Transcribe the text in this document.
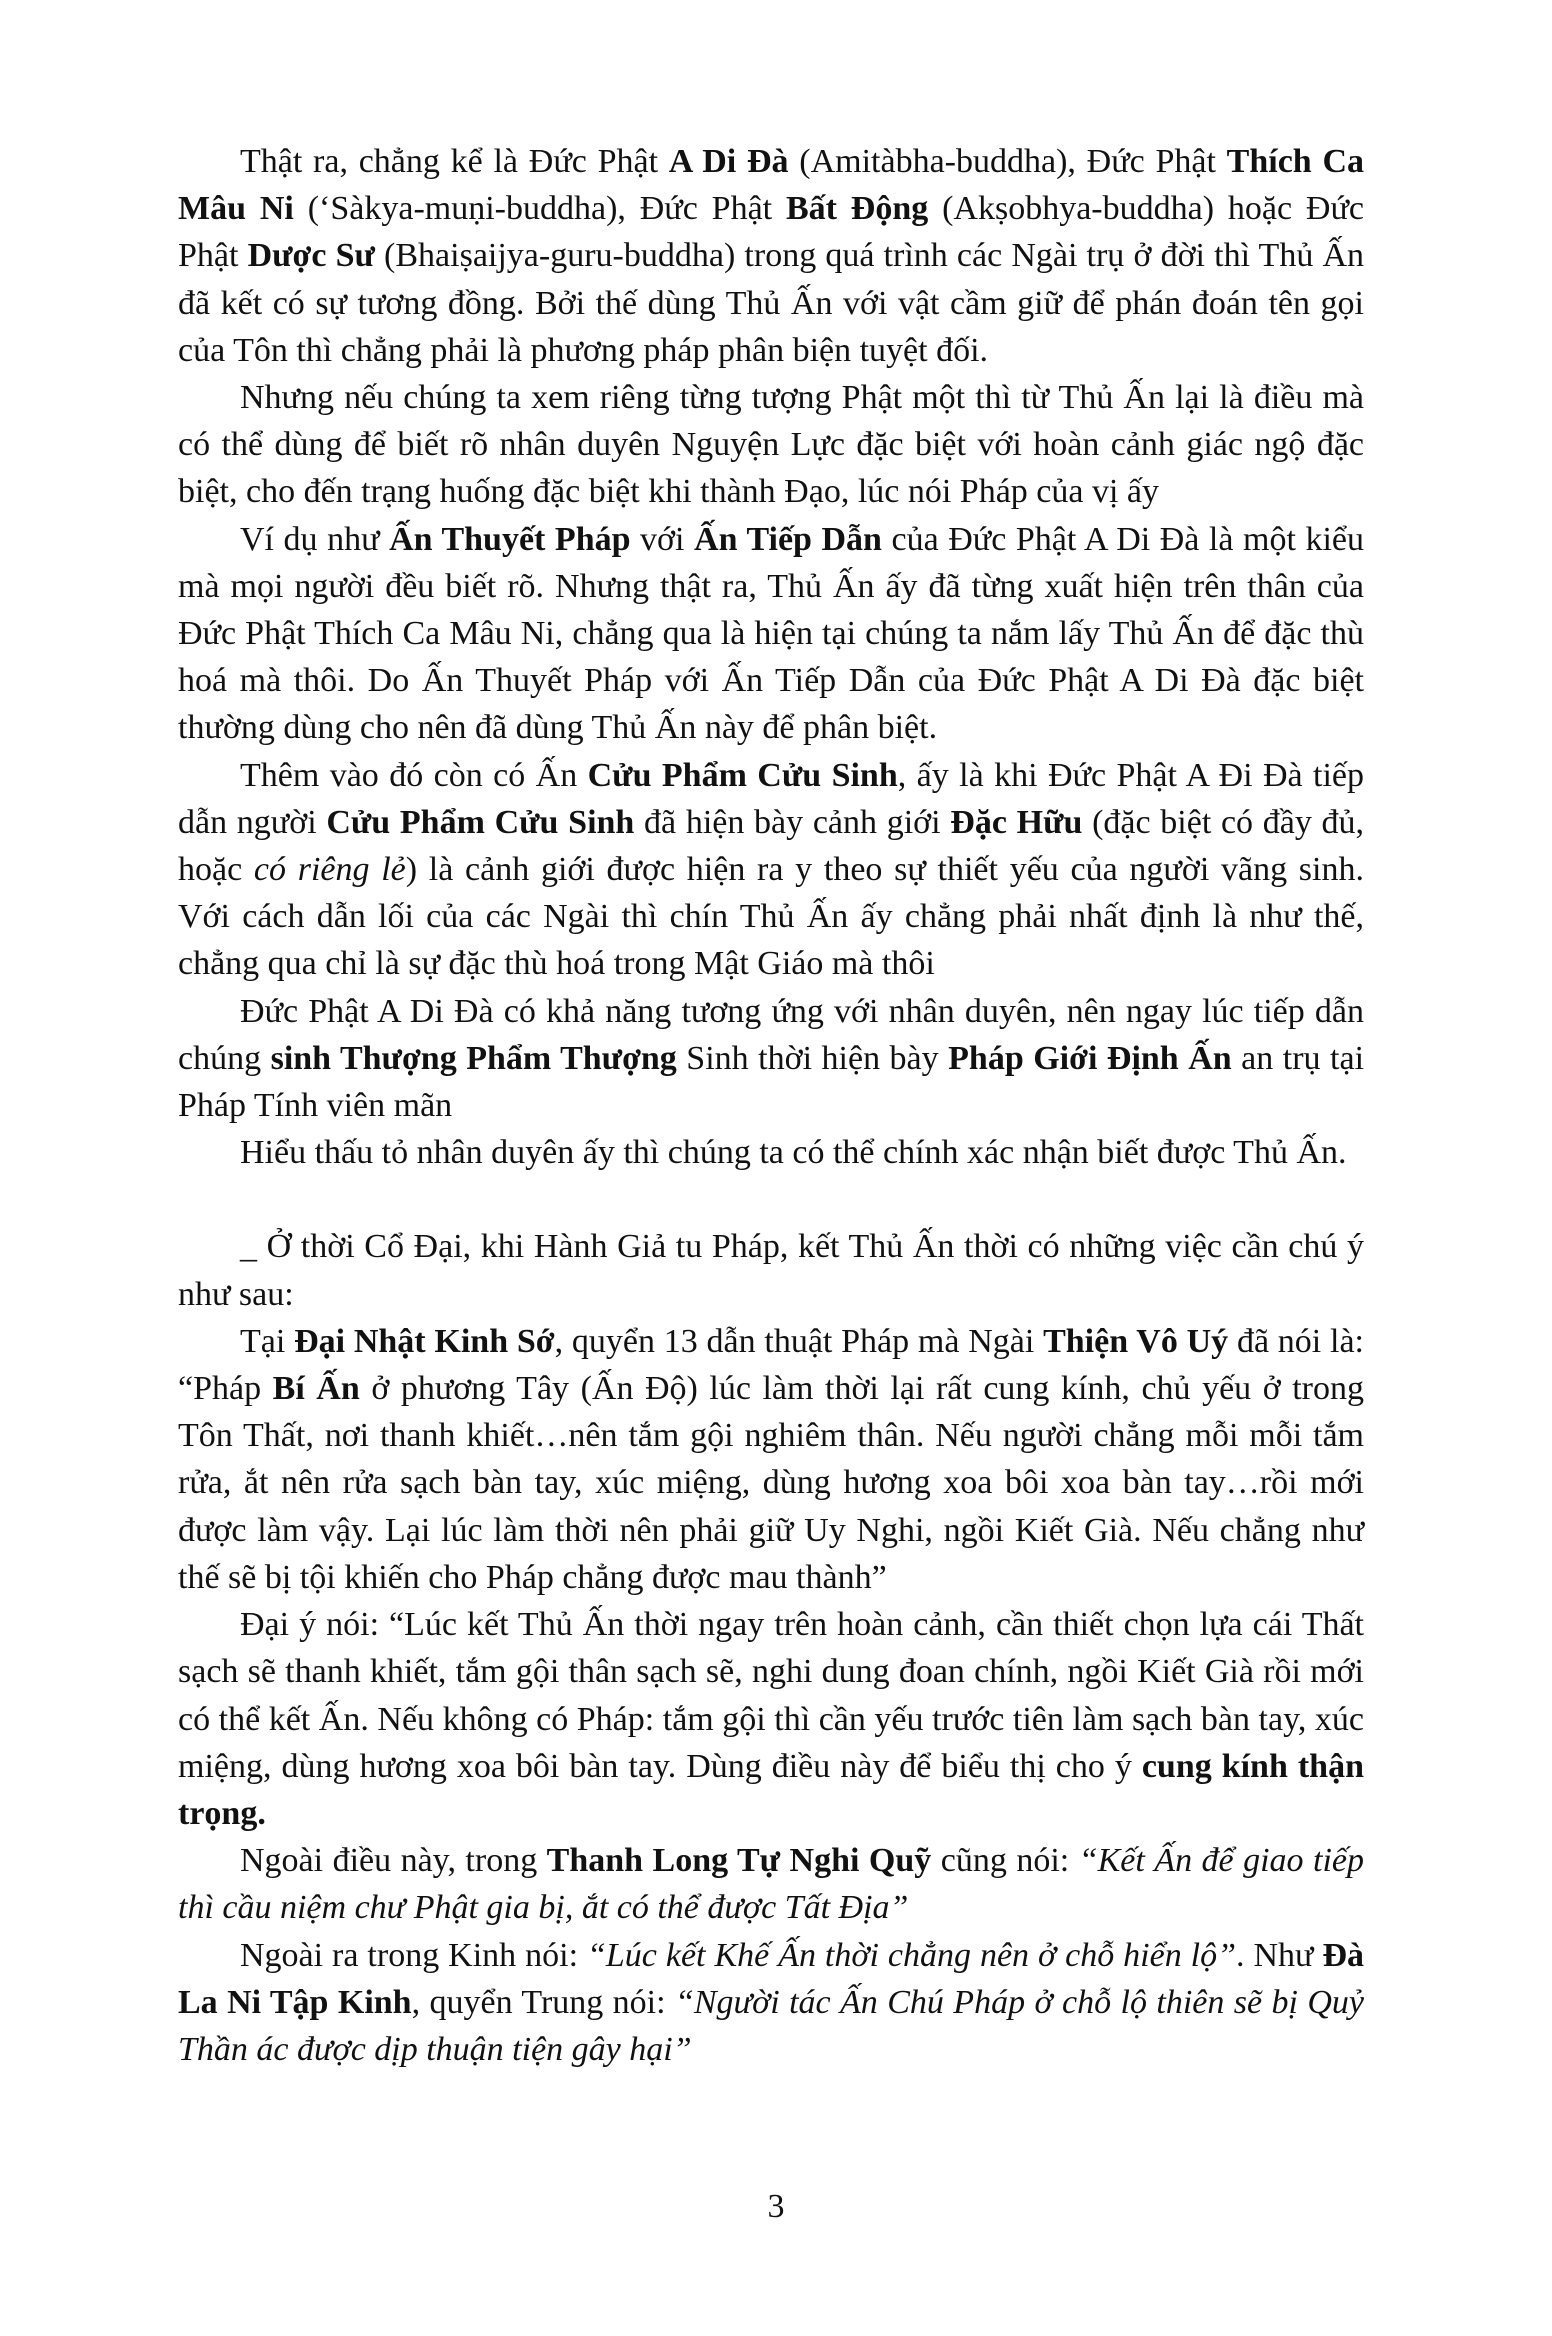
Thật ra, chẳng kể là Đức Phật A Di Đà (Amitàbha-buddha), Đức Phật Thích Ca Mâu Ni (‘Sàkya-muṇi-buddha), Đức Phật Bất Động (Akṣobhya-buddha) hoặc Đức Phật Dược Sư (Bhaiṣaijya-guru-buddha) trong quá trình các Ngài trụ ở đời thì Thủ Ấn đã kết có sự tương đồng. Bởi thế dùng Thủ Ấn với vật cầm giữ để phán đoán tên gọi của Tôn thì chẳng phải là phương pháp phân biện tuyệt đối.

Nhưng nếu chúng ta xem riêng từng tượng Phật một thì từ Thủ Ấn lại là điều mà có thể dùng để biết rõ nhân duyên Nguyện Lực đặc biệt với hoàn cảnh giác ngộ đặc biệt, cho đến trạng huống đặc biệt khi thành Đạo, lúc nói Pháp của vị ấy

Ví dụ như Ấn Thuyết Pháp với Ấn Tiếp Dẫn của Đức Phật A Di Đà là một kiểu mà mọi người đều biết rõ. Nhưng thật ra, Thủ Ấn ấy đã từng xuất hiện trên thân của Đức Phật Thích Ca Mâu Ni, chẳng qua là hiện tại chúng ta nắm lấy Thủ Ấn để đặc thù hoá mà thôi. Do Ấn Thuyết Pháp với Ấn Tiếp Dẫn của Đức Phật A Di Đà đặc biệt thường dùng cho nên đã dùng Thủ Ấn này để phân biệt.

Thêm vào đó còn có Ấn Cửu Phẩm Cửu Sinh, ấy là khi Đức Phật A Đi Đà tiếp dẫn người Cửu Phẩm Cửu Sinh đã hiện bày cảnh giới Đặc Hữu (đặc biệt có đầy đủ, hoặc có riêng lẻ) là cảnh giới được hiện ra y theo sự thiết yếu của người vãng sinh. Với cách dẫn lối của các Ngài thì chín Thủ Ấn ấy chẳng phải nhất định là như thế, chẳng qua chỉ là sự đặc thù hoá trong Mật Giáo mà thôi

Đức Phật A Di Đà có khả năng tương ứng với nhân duyên, nên ngay lúc tiếp dẫn chúng sinh Thượng Phẩm Thượng Sinh thời hiện bày Pháp Giới Định Ấn an trụ tại Pháp Tính viên mãn

Hiểu thấu tỏ nhân duyên ấy thì chúng ta có thể chính xác nhận biết được Thủ Ấn.

_ Ở thời Cổ Đại, khi Hành Giả tu Pháp, kết Thủ Ấn thời có những việc cần chú ý như sau:

Tại Đại Nhật Kinh Sớ, quyển 13 dẫn thuật Pháp mà Ngài Thiện Vô Uý đã nói là: “Pháp Bí Ấn ở phương Tây (Ấn Độ) lúc làm thời lại rất cung kính, chủ yếu ở trong Tôn Thất, nơi thanh khiết…nên tắm gội nghiêm thân. Nếu người chẳng mỗi mỗi tắm rửa, ắt nên rửa sạch bàn tay, xúc miệng, dùng hương xoa bôi xoa bàn tay…rồi mới được làm vậy. Lại lúc làm thời nên phải giữ Uy Nghi, ngồi Kiết Già. Nếu chẳng như thế sẽ bị tội khiến cho Pháp chẳng được mau thành”

Đại ý nói: “Lúc kết Thủ Ấn thời ngay trên hoàn cảnh, cần thiết chọn lựa cái Thất sạch sẽ thanh khiết, tắm gội thân sạch sẽ, nghi dung đoan chính, ngồi Kiết Già rồi mới có thể kết Ấn. Nếu không có Pháp: tắm gội thì cần yếu trước tiên làm sạch bàn tay, xúc miệng, dùng hương xoa bôi bàn tay. Dùng điều này để biểu thị cho ý cung kính thận trọng.

Ngoài điều này, trong Thanh Long Tự Nghi Quỹ cũng nói: “Kết Ấn để giao tiếp thì cầu niệm chư Phật gia bị, ắt có thể được Tất Địa”

Ngoài ra trong Kinh nói: “Lúc kết Khế Ấn thời chẳng nên ở chỗ hiển lộ”. Như Đà La Ni Tập Kinh, quyển Trung nói: “Người tác Ấn Chú Pháp ở chỗ lộ thiên sẽ bị Quỷ Thần ác được dịp thuận tiện gây hại”

3
